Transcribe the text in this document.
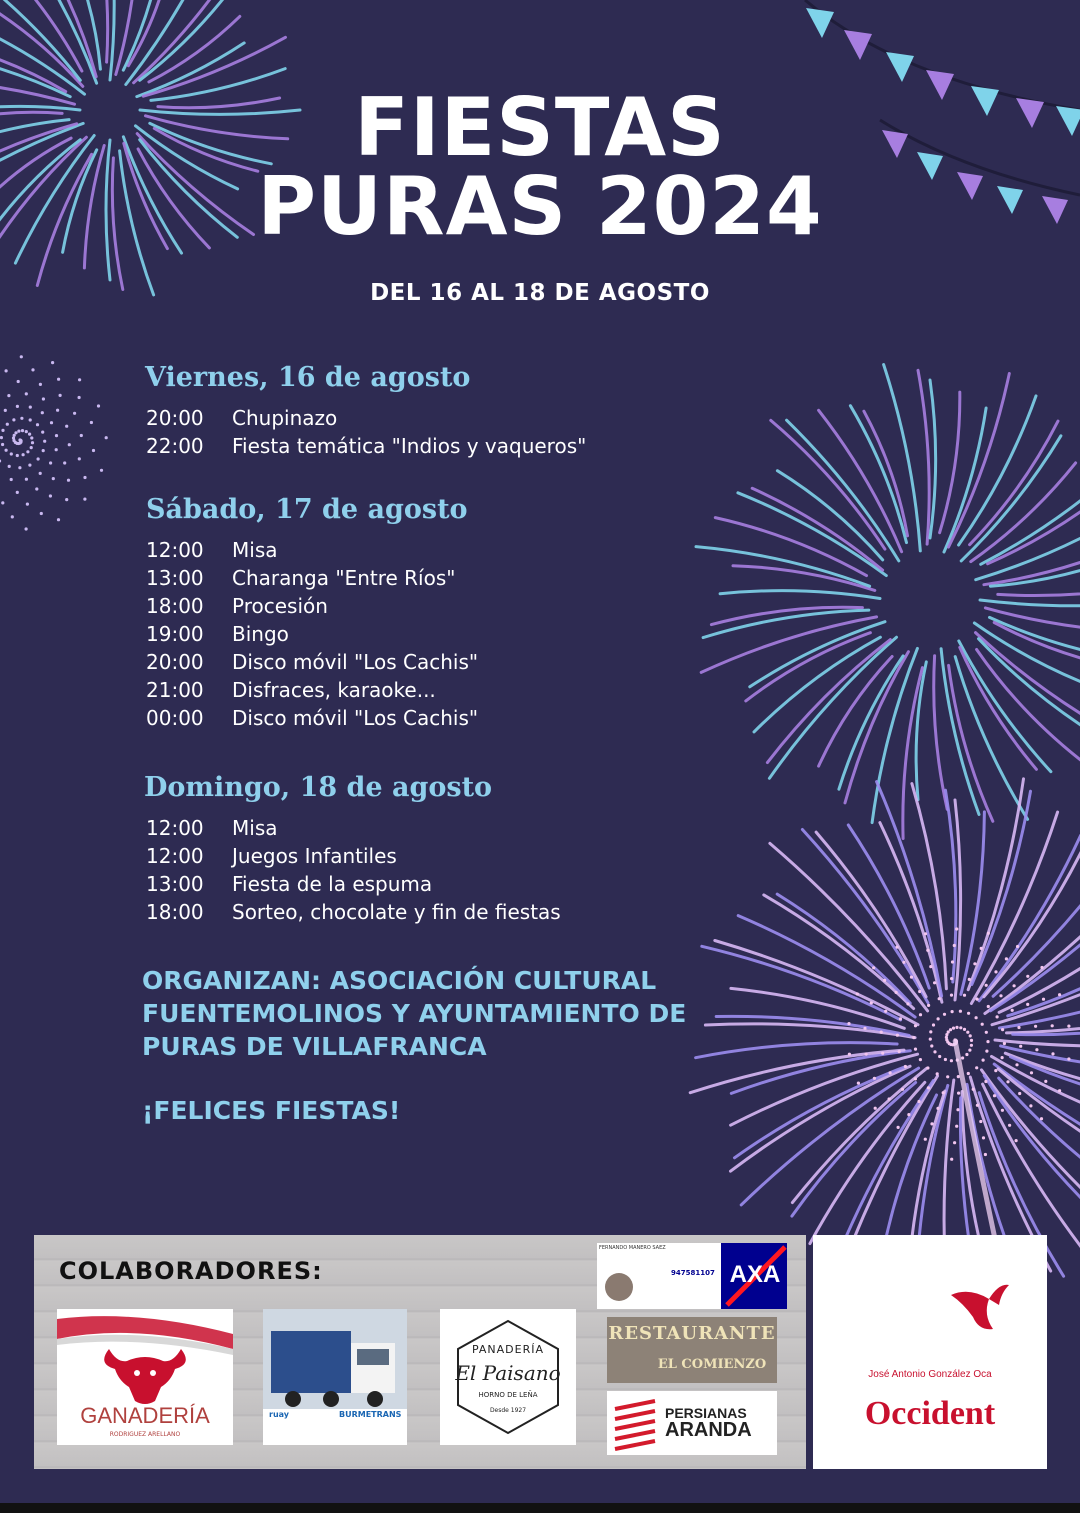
FIESTAS
PURAS 2024
DEL 16 AL 18 DE AGOSTO
Viernes, 16 de agosto
20:00 Chupinazo
22:00 Fiesta temática "Indios y vaqueros"
Sábado, 17 de agosto
12:00 Misa
13:00 Charanga "Entre Ríos"
18:00 Procesión
19:00 Bingo
20:00 Disco móvil "Los Cachis"
21:00 Disfraces, karaoke...
00:00 Disco móvil "Los Cachis"
Domingo, 18 de agosto
12:00 Misa
12:00 Juegos Infantiles
13:00 Fiesta de la espuma
18:00 Sorteo, chocolate y fin de fiestas
ORGANIZAN: ASOCIACIÓN CULTURAL
FUENTEMOLINOS Y AYUNTAMIENTO DE
PURAS DE VILLAFRANCA
¡FELICES FIESTAS!
COLABORADORES:
GANADERÍA
RODRIGUEZ ARELLANO
ruay	BURMETRANS
PANADERÍA
El Paisano
HORNO DE LEÑA
Desde 1927
FERNANDO MANERO SAEZ
947581107 AXA
RESTAURANTE
EL COMIENZO
PERSIANAS
ARANDA
José Antonio González Oca
Occident
